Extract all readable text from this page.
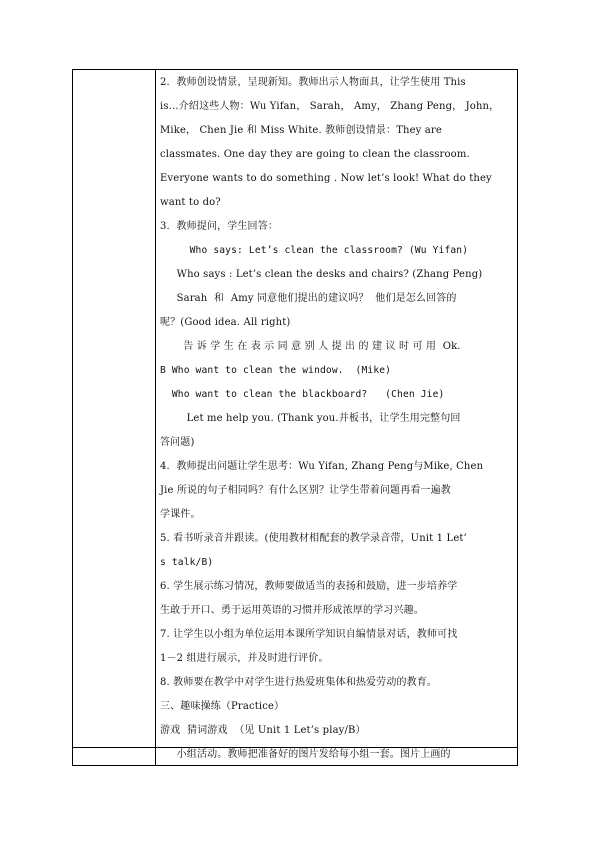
2.  教师创设情景，呈现新知。教师出示人物面具，让学生使用 This
is…介绍这些人物：Wu Yifan， Sarah， Amy， Zhang Peng， John，
Mike， Chen Jie 和 Miss White. 教师创设情景：They are
classmates. One day they are going to clean the classroom.
Everyone wants to do something . Now let’s look! What do they
want to do?
3.  教师提问，学生回答：
Who says: Let’s clean the classroom? (Wu Yifan)
Who says : Let’s clean the desks and chairs? (Zhang Peng)
Sarah  和  Amy 同意他们提出的建议吗？  他们是怎么回答的
呢？(Good idea. All right)
告 诉 学 生 在 表 示 同 意 别 人 提 出 的 建 议 时 可 用  Ok.
B Who want to clean the window.  (Mike)
Who want to clean the blackboard?   (Chen Jie)
Let me help you. (Thank you.并板书，让学生用完整句回
答问题)
4.  教师提出问题让学生思考：Wu Yifan, Zhang Peng与Mike, Chen
Jie 所说的句子相同吗？有什么区别？让学生带着问题再看一遍教
学课件。
5. 看书听录音并跟读。(使用教材相配套的教学录音带，Unit 1 Let’
s talk/B)
6. 学生展示练习情况，教师要做适当的表扬和鼓励，进一步培养学
生敢于开口、勇于运用英语的习惯并形成浓厚的学习兴趣。
7. 让学生以小组为单位运用本课所学知识自编情景对话，教师可找
1－2 组进行展示，并及时进行评价。
8. 教师要在教学中对学生进行热爱班集体和热爱劳动的教育。
三、趣味操练（Practice）
游戏  猜词游戏  （见 Unit 1 Let’s play/B）
小组活动。教师把准备好的图片发给每小组一套。图片上画的
